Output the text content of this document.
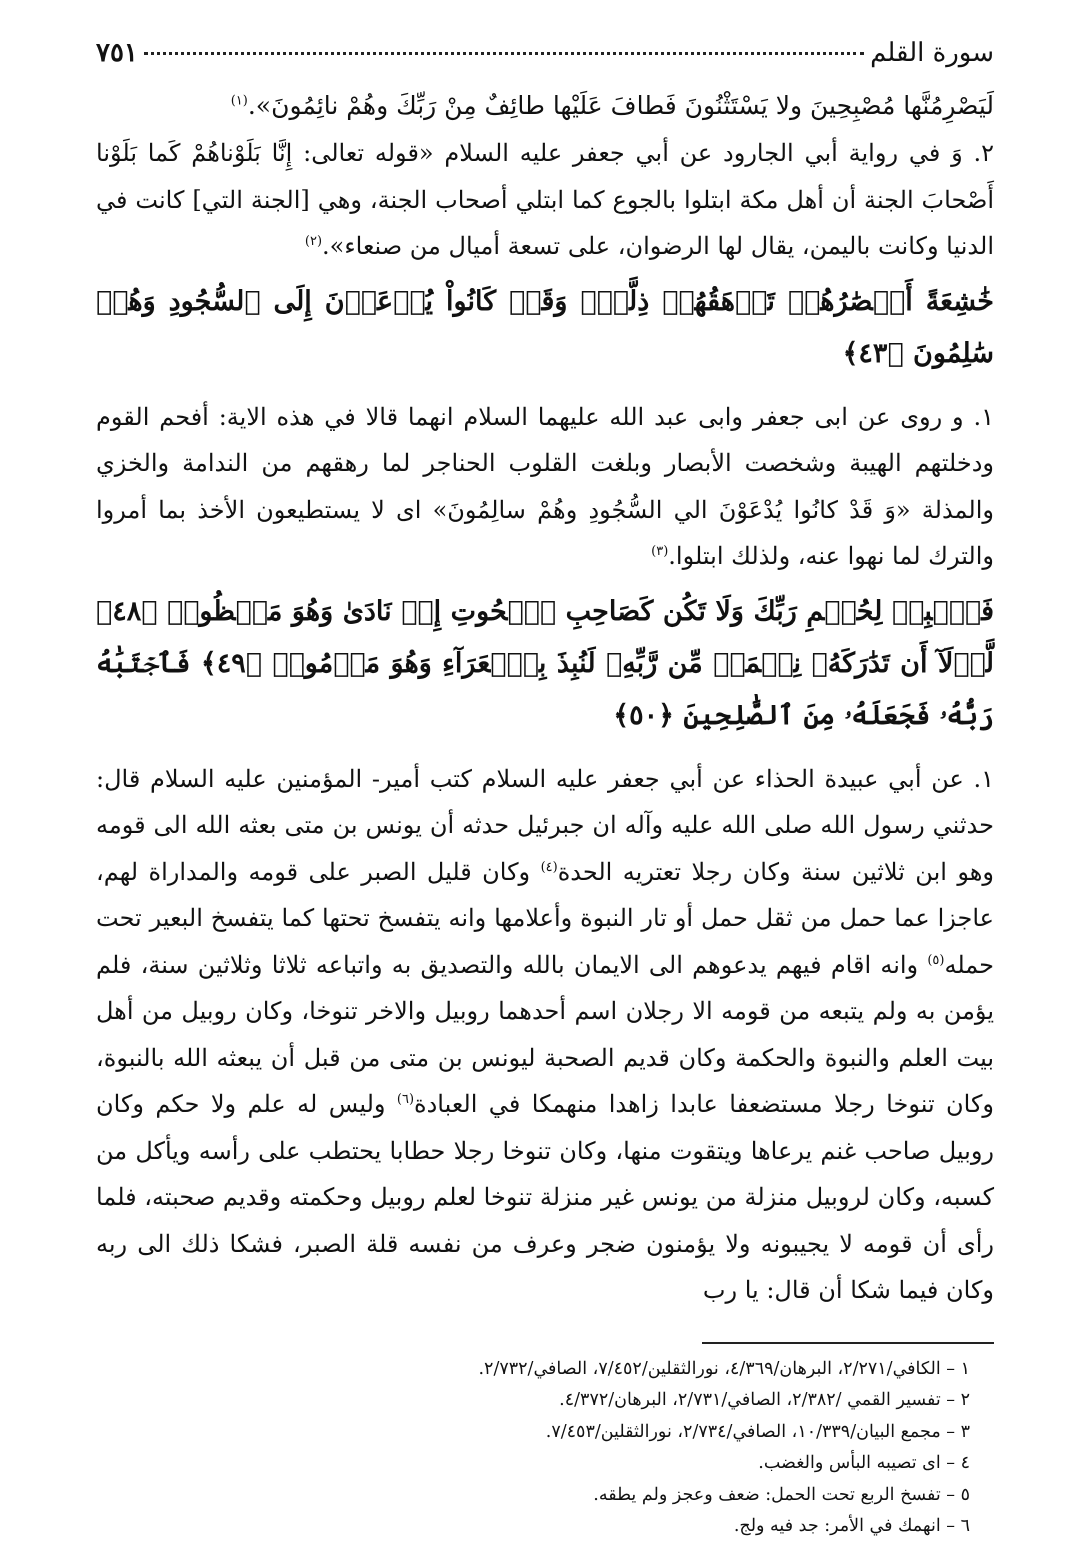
سورة القلم
٧٥١

لَيَصْرِمُنَّها مُصْبِحِينَ ولا يَسْتَثْنُونَ فَطافَ عَلَيْها طائِفٌ مِنْ رَبِّكَ وهُمْ نائِمُونَ».$^{(١)}$

٢. وَ في رواية أبي الجارود عن أبي جعفر عليه السلام «قوله تعالى: إِنَّا بَلَوْناهُمْ كَما بَلَوْنا أَصْحابَ الجنة أن أهل مكة ابتلوا بالجوع كما ابتلي أصحاب الجنة، وهي [الجنة التي] كانت في الدنيا وكانت باليمن، يقال لها الرضوان، على تسعة أميال من صنعاء».$^{(٢)}$

خَٰشِعَةً أَبۡصَٰرُهُمۡ تَرۡهَقُهُمۡ ذِلَّةٞۖ وَقَدۡ كَانُواْ يُدۡعَوۡنَ إِلَى ٱلسُّجُودِ وَهُمۡ سَٰلِمُونَ ﴿٤٣﴾

١. و روى عن ابى جعفر وابى عبد الله عليهما السلام انهما قالا في هذه الاية: أفحم القوم ودخلتهم الهيبة وشخصت الأبصار وبلغت القلوب الحناجر لما رهقهم من الندامة والخزي والمذلة «وَ قَدْ كانُوا يُدْعَوْنَ الي السُّجُودِ وهُمْ سالِمُونَ» اى لا يستطيعون الأخذ بما أمروا والترك لما نهوا عنه، ولذلك ابتلوا.$^{(٣)}$

فَٱصۡبِرۡ لِحُكۡمِ رَبِّكَ وَلَا تَكُن كَصَاحِبِ ٱلۡحُوتِ إِذۡ نَادَىٰ وَهُوَ مَكۡظُومٞ ﴿٤٨﴾ لَّوۡلَآ أَن تَدَٰرَكَهُۥ نِعۡمَةٞ مِّن رَّبِّهِۦ لَنُبِذَ بِٱلۡعَرَآءِ وَهُوَ مَذۡمُومٞ ﴿٤٩﴾ فَٱجۡتَبَٰهُ رَبُّهُۥ فَجَعَلَهُۥ مِنَ ٱلصَّٰلِحِينَ ﴿٥٠﴾

١. عن أبي عبيدة الحذاء عن أبي جعفر عليه السلام كتب أمير- المؤمنين عليه السلام قال: حدثني رسول الله صلى الله عليه وآله ان جبرئيل حدثه أن يونس بن متى بعثه الله الى قومه وهو ابن ثلاثين سنة وكان رجلا تعتريه الحدة$^{(٤)}$ وكان قليل الصبر على قومه والمداراة لهم، عاجزا عما حمل من ثقل حمل أو تار النبوة وأعلامها وانه يتفسخ تحتها كما يتفسخ البعير تحت حمله$^{(٥)}$ وانه اقام فيهم يدعوهم الى الايمان بالله والتصديق به واتباعه ثلاثا وثلاثين سنة، فلم يؤمن به ولم يتبعه من قومه الا رجلان اسم أحدهما روبيل والاخر تنوخا، وكان روبيل من أهل بيت العلم والنبوة والحكمة وكان قديم الصحبة ليونس بن متى من قبل أن يبعثه الله بالنبوة، وكان تنوخا رجلا مستضعفا عابدا زاهدا منهمكا في العبادة$^{(٦)}$ وليس له علم ولا حكم وكان روبيل صاحب غنم يرعاها ويتقوت منها، وكان تنوخا رجلا حطابا يحتطب على رأسه ويأكل من كسبه، وكان لروبيل منزلة من يونس غير منزلة تنوخا لعلم روبيل وحكمته وقديم صحبته، فلما رأى أن قومه لا يجيبونه ولا يؤمنون ضجر وعرف من نفسه قلة الصبر، فشكا ذلك الى ربه وكان فيما شكا أن قال: يا رب

١ – الكافي/٢/٢٧١، البرهان/٤/٣٦٩، نورالثقلين/٧/٤٥٢، الصافي/٢/٧٣٢.

٢ – تفسير القمي /٢/٣٨٢، الصافي/٢/٧٣١، البرهان/٤/٣٧٢.

٣ – مجمع البيان/١٠/٣٣٩، الصافي/٢/٧٣٤، نورالثقلين/٧/٤٥٣.

٤ – اى تصيبه البأس والغضب.

٥ – تفسخ الربع تحت الحمل: ضعف وعجز ولم يطقه.

٦ – انهمك في الأمر: جد فيه ولج.
